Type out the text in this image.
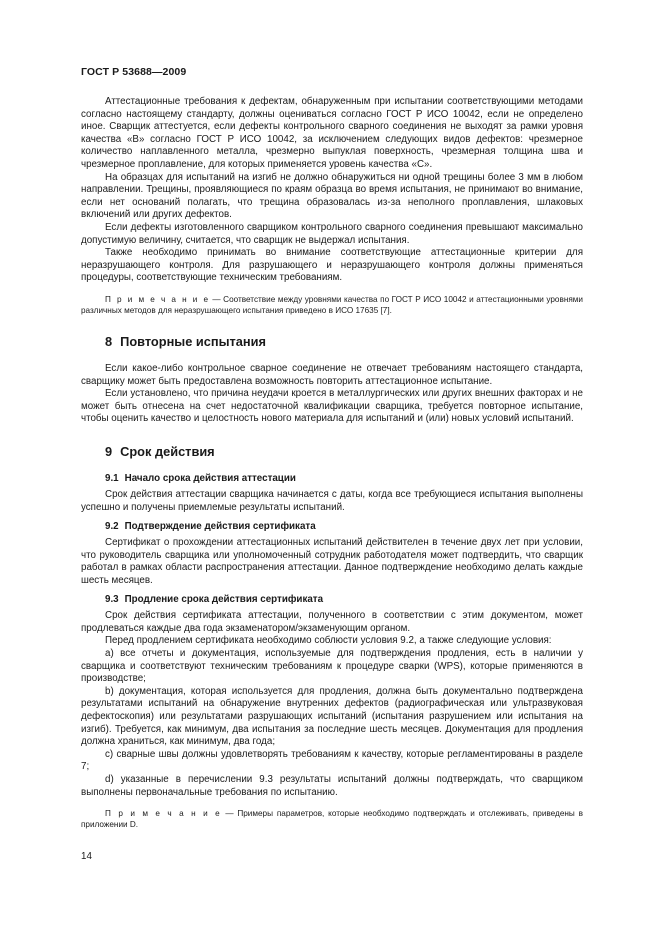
ГОСТ Р 53688—2009

Аттестационные требования к дефектам, обнаруженным при испытании соответствующими методами согласно настоящему стандарту, должны оцениваться согласно ГОСТ Р ИСО 10042, если не определено иное. Сварщик аттестуется, если дефекты контрольного сварного соединения не выходят за рамки уровня качества «B» согласно ГОСТ Р ИСО 10042, за исключением следующих видов дефектов: чрезмерное количество наплавленного металла, чрезмерно выпуклая поверхность, чрезмерная толщина шва и чрезмерное проплавление, для которых применяется уровень качества «C».

На образцах для испытаний на изгиб не должно обнаружиться ни одной трещины более 3 мм в любом направлении. Трещины, проявляющиеся по краям образца во время испытания, не принимают во внимание, если нет оснований полагать, что трещина образовалась из-за неполного проплавления, шлаковых включений или других дефектов.

Если дефекты изготовленного сварщиком контрольного сварного соединения превышают максимально допустимую величину, считается, что сварщик не выдержал испытания.

Также необходимо принимать во внимание соответствующие аттестационные критерии для неразрушающего контроля. Для разрушающего и неразрушающего контроля должны применяться процедуры, соответствующие техническим требованиям.

П р и м е ч а н и е — Соответствие между уровнями качества по ГОСТ Р ИСО 10042 и аттестационными уровнями различных методов для неразрушающего испытания приведено в ИСО 17635 [7].

8 Повторные испытания

Если какое-либо контрольное сварное соединение не отвечает требованиям настоящего стандарта, сварщику может быть предоставлена возможность повторить аттестационное испытание.

Если установлено, что причина неудачи кроется в металлургических или других внешних факторах и не может быть отнесена на счет недостаточной квалификации сварщика, требуется повторное испытание, чтобы оценить качество и целостность нового материала для испытаний и (или) новых условий испытаний.

9 Срок действия
9.1 Начало срока действия аттестации

Срок действия аттестации сварщика начинается с даты, когда все требующиеся испытания выполнены успешно и получены приемлемые результаты испытаний.

9.2 Подтверждение действия сертификата

Сертификат о прохождении аттестационных испытаний действителен в течение двух лет при условии, что руководитель сварщика или уполномоченный сотрудник работодателя может подтвердить, что сварщик работал в рамках области распространения аттестации. Данное подтверждение необходимо делать каждые шесть месяцев.

9.3 Продление срока действия сертификата

Срок действия сертификата аттестации, полученного в соответствии с этим документом, может продлеваться каждые два года экзаменатором/экзаменующим органом.

Перед продлением сертификата необходимо соблюсти условия 9.2, а также следующие условия:

a) все отчеты и документация, используемые для подтверждения продления, есть в наличии у сварщика и соответствуют техническим требованиям к процедуре сварки (WPS), которые применяются в производстве;

b) документация, которая используется для продления, должна быть документально подтверждена результатами испытаний на обнаружение внутренних дефектов (радиографическая или ультразвуковая дефектоскопия) или результатами разрушающих испытаний (испытания разрушением или испытания на изгиб). Требуется, как минимум, два испытания за последние шесть месяцев. Документация для продления должна храниться, как минимум, два года;

c) сварные швы должны удовлетворять требованиям к качеству, которые регламентированы в разделе 7;

d) указанные в перечислении 9.3 результаты испытаний должны подтверждать, что сварщиком выполнены первоначальные требования по испытанию.

П р и м е ч а н и е — Примеры параметров, которые необходимо подтверждать и отслеживать, приведены в приложении D.

14
